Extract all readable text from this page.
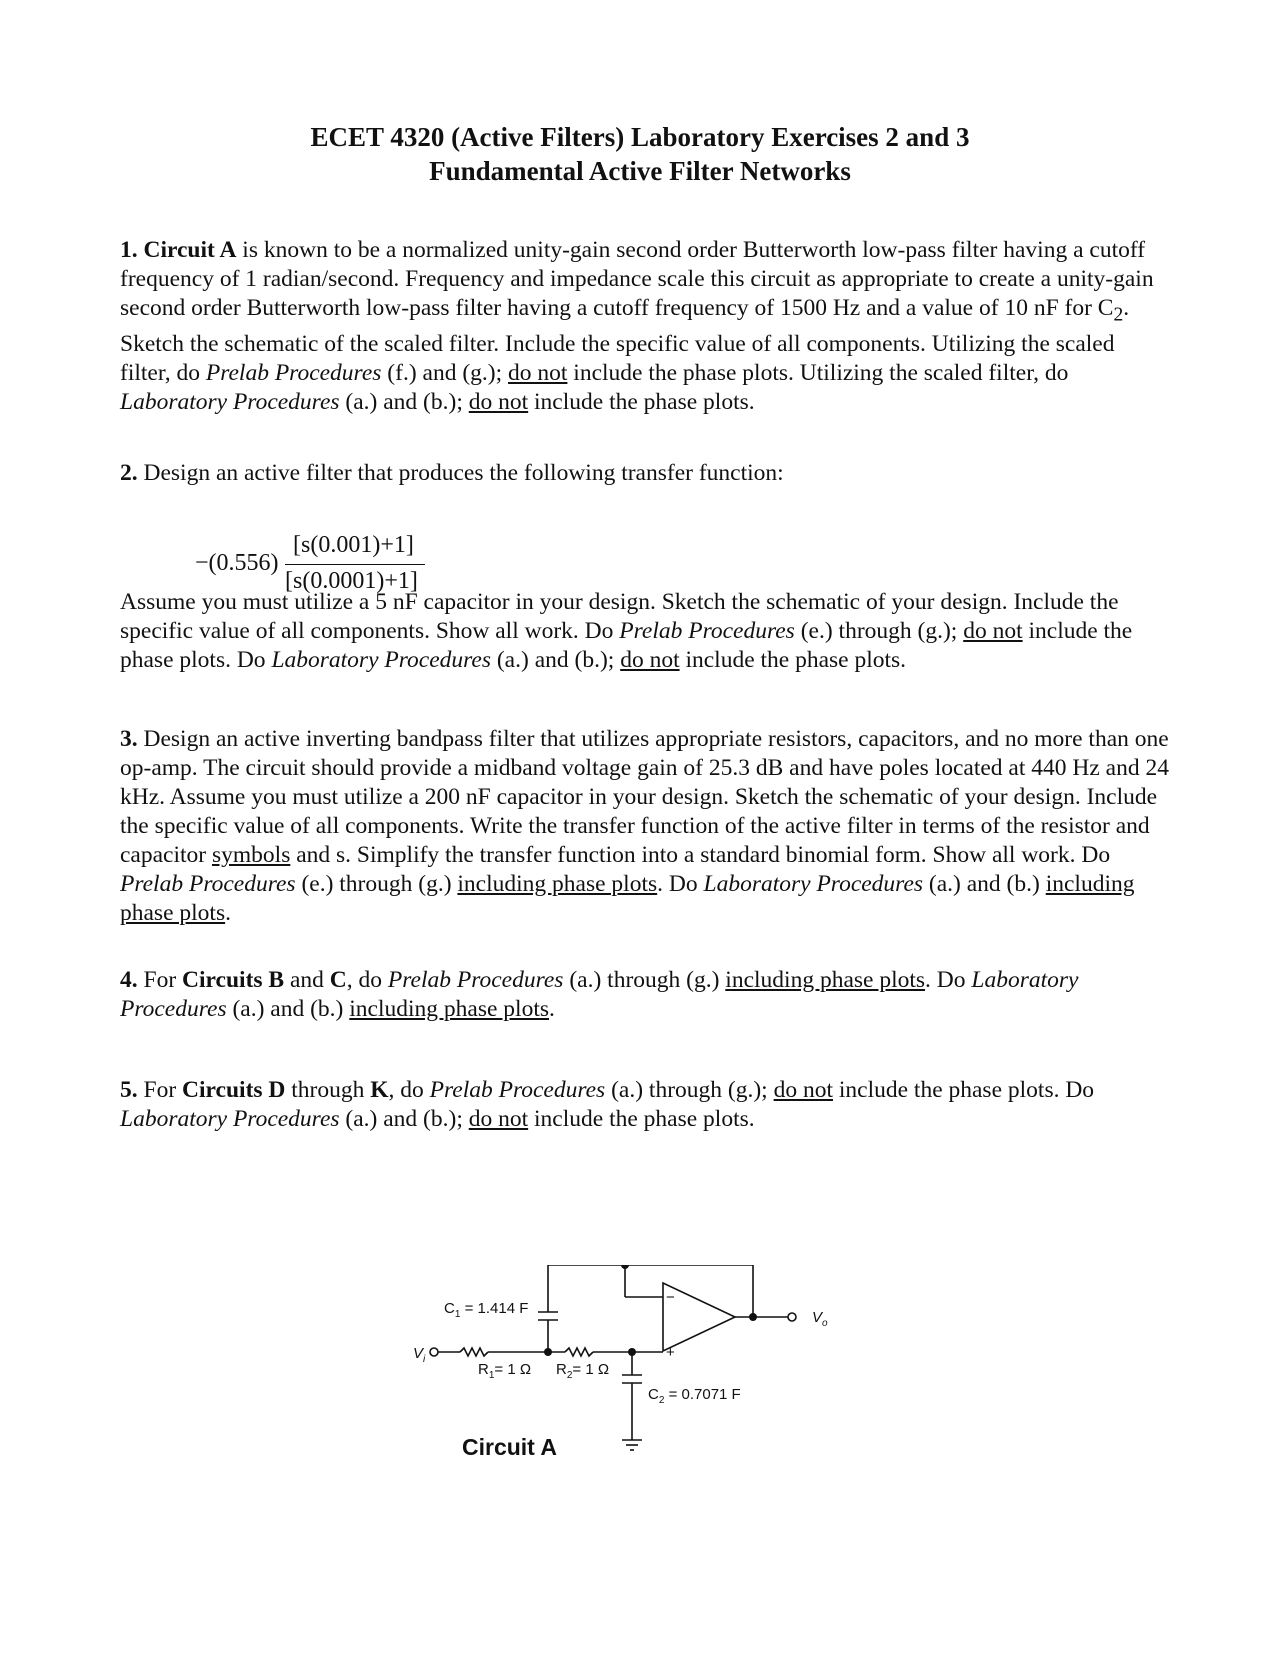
ECET 4320 (Active Filters) Laboratory Exercises 2 and 3
Fundamental Active Filter Networks

1. Circuit A is known to be a normalized unity-gain second order Butterworth low-pass filter having a cutoff frequency of 1 radian/second. Frequency and impedance scale this circuit as appropriate to create a unity-gain second order Butterworth low-pass filter having a cutoff frequency of 1500 Hz and a value of 10 nF for $C_2$. Sketch the schematic of the scaled filter. Include the specific value of all components. Utilizing the scaled filter, do Prelab Procedures (f.) and (g.); do not include the phase plots. Utilizing the scaled filter, do Laboratory Procedures (a.) and (b.); do not include the phase plots.

2. Design an active filter that produces the following transfer function:

−(0.556)
[s(0.001)+1]
[s(0.0001)+1]

Assume you must utilize a 5 nF capacitor in your design. Sketch the schematic of your design. Include the specific value of all components. Show all work. Do Prelab Procedures (e.) through (g.); do not include the phase plots. Do Laboratory Procedures (a.) and (b.); do not include the phase plots.

3. Design an active inverting bandpass filter that utilizes appropriate resistors, capacitors, and no more than one op-amp. The circuit should provide a midband voltage gain of 25.3 dB and have poles located at 440 Hz and 24 kHz. Assume you must utilize a 200 nF capacitor in your design. Sketch the schematic of your design. Include the specific value of all components. Write the transfer function of the active filter in terms of the resistor and capacitor symbols and s. Simplify the transfer function into a standard binomial form. Show all work. Do Prelab Procedures (e.) through (g.) including phase plots. Do Laboratory Procedures (a.) and (b.) including phase plots.

4. For Circuits B and C, do Prelab Procedures (a.) through (g.) including phase plots. Do Laboratory Procedures (a.) and (b.) including phase plots.

5. For Circuits D through K, do Prelab Procedures (a.) through (g.); do not include the phase plots. Do Laboratory Procedures (a.) and (b.); do not include the phase plots.

$C_1 = 1.414$ F
$R_1= 1$ Ω $R_2= 1$ Ω
$C_2 = 0.7071$ F
$V_i$
$V_o$
−
+
Circuit A
